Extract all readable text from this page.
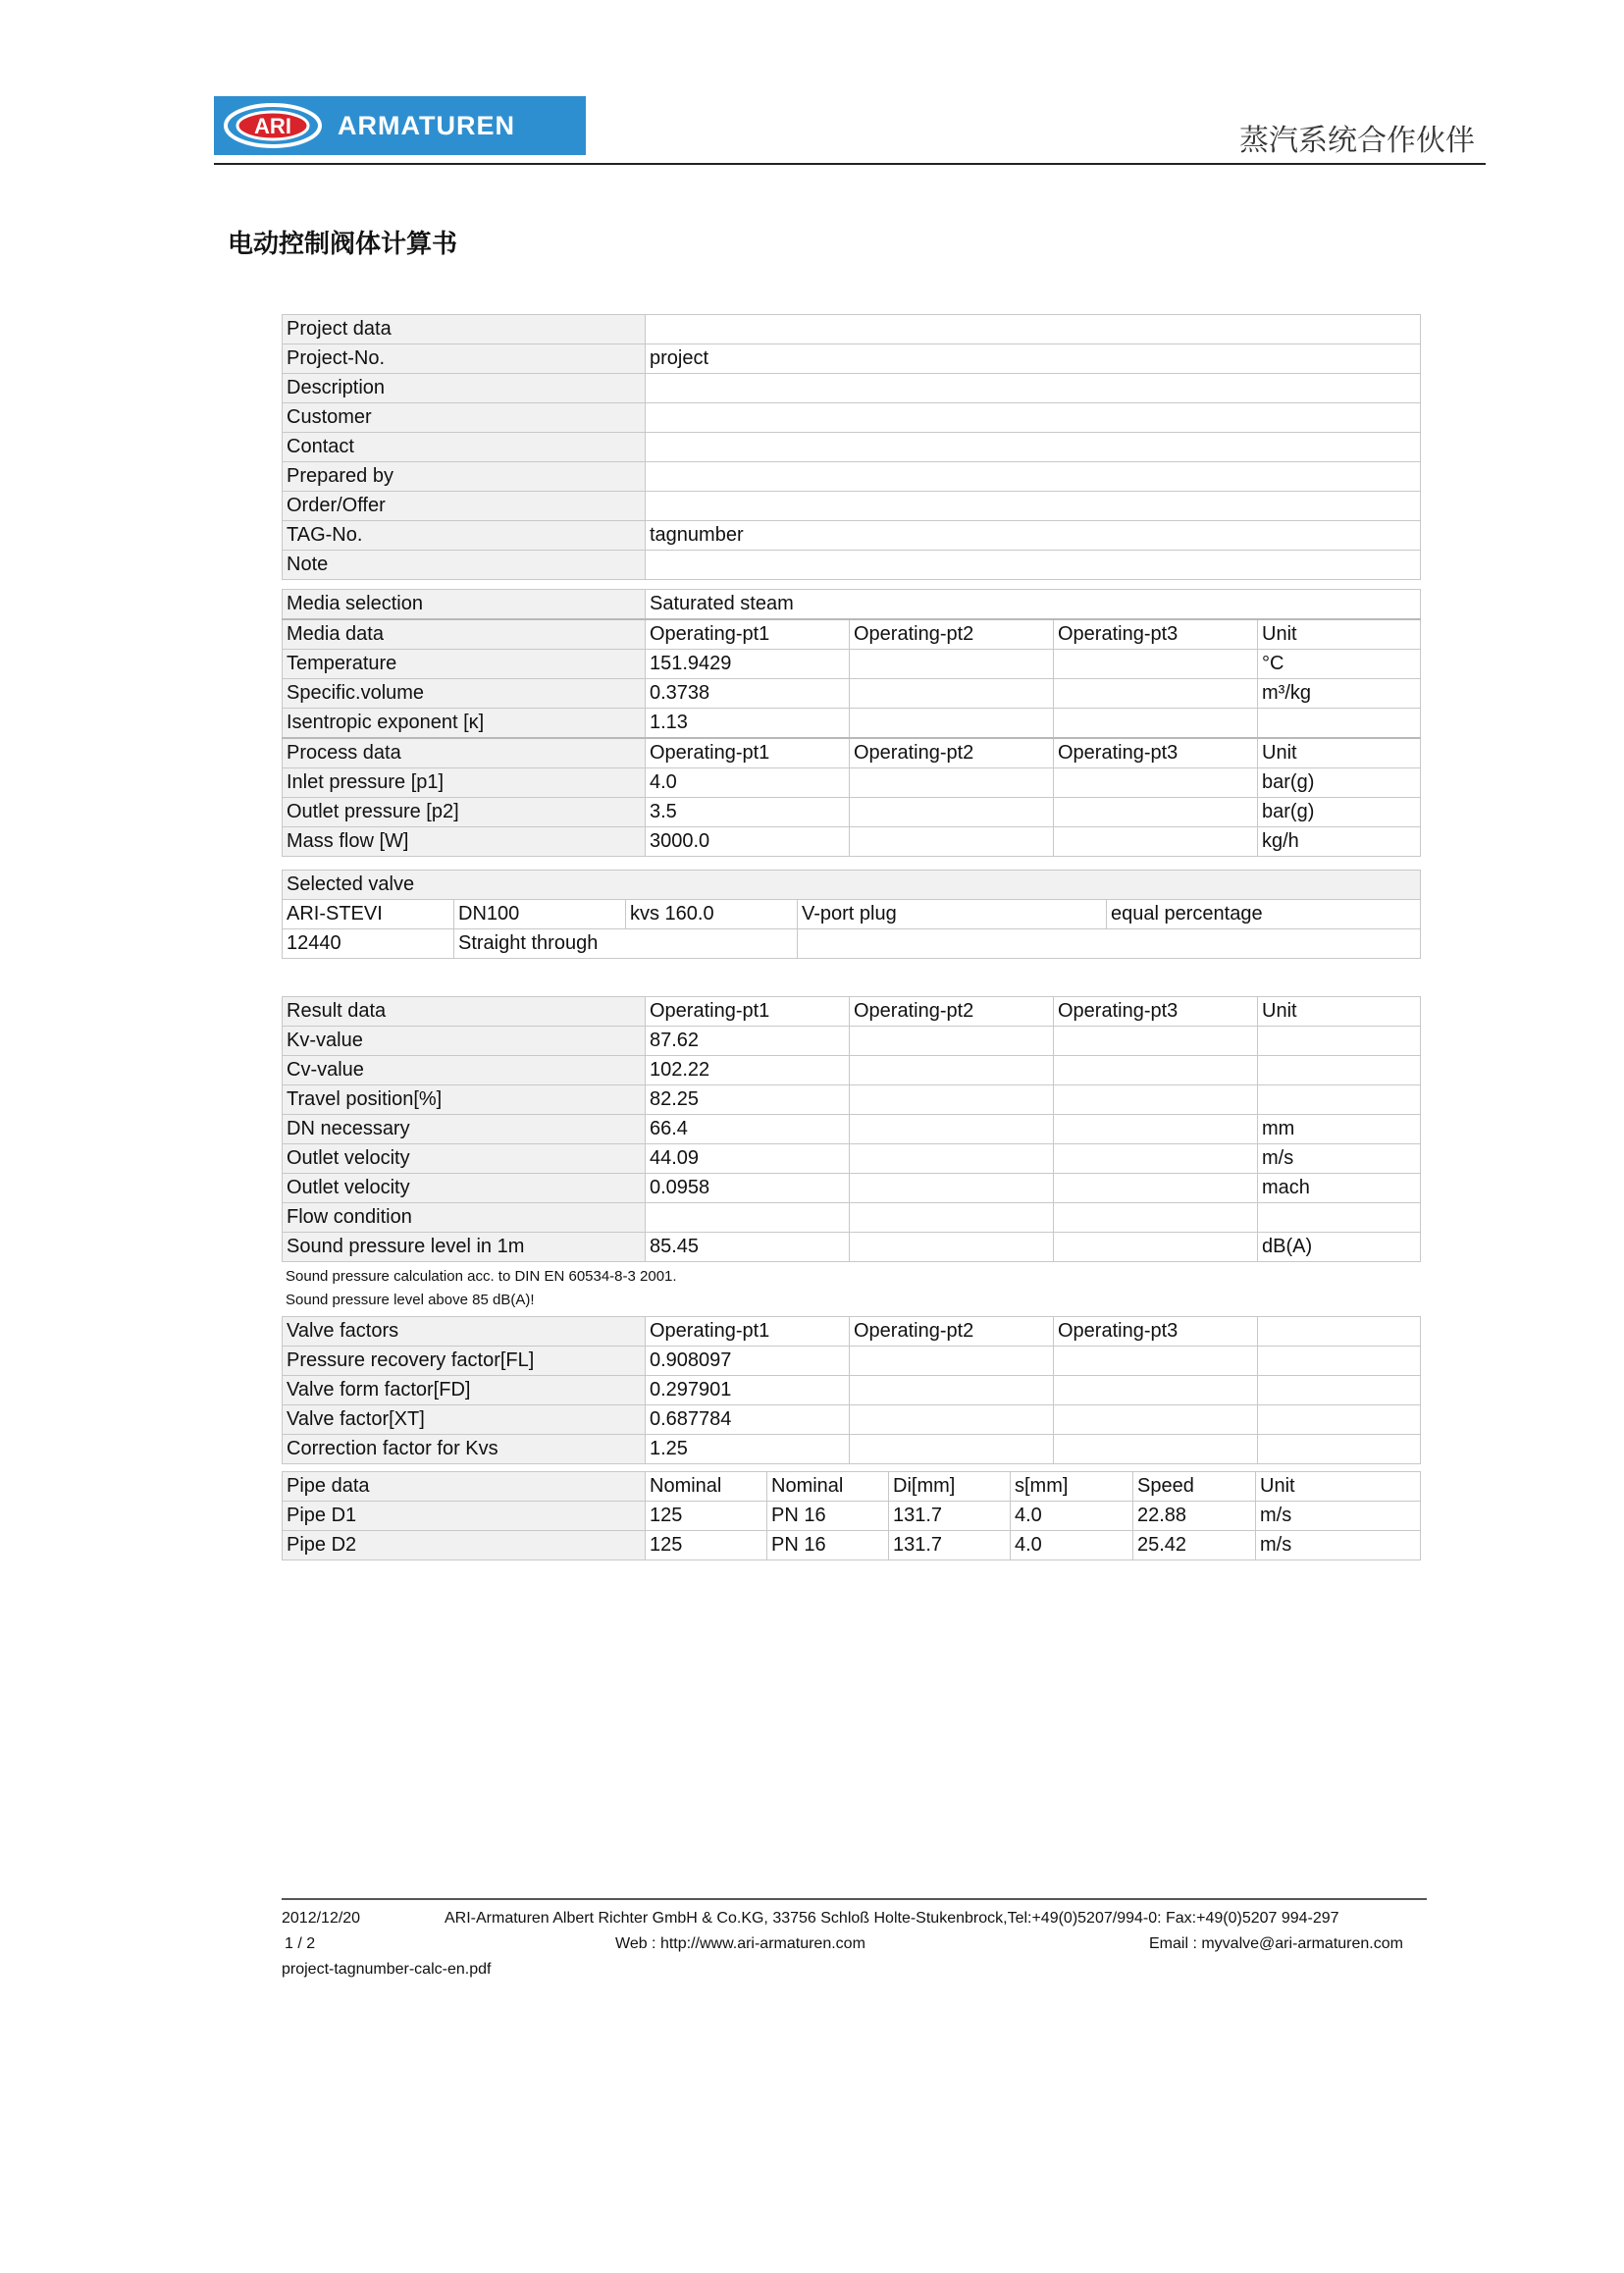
ARI ARMATUREN	蒸汽系统合作伙伴
电动控制阀体计算书
Project data	
Project-No.	project
Description	
Customer	
Contact	
Prepared by	
Order/Offer	
TAG-No.	tagnumber
Note	
Media selection	Saturated steam			
Media data	Operating-pt1	Operating-pt2	Operating-pt3	Unit
Temperature	151.9429			°C
Specific.volume	0.3738			m³/kg
Isentropic exponent [κ]	1.13			
Process data	Operating-pt1	Operating-pt2	Operating-pt3	Unit
Inlet pressure [p1]	4.0			bar(g)
Outlet pressure [p2]	3.5			bar(g)
Mass flow [W]	3000.0			kg/h
Selected valve				
ARI-STEVI	DN100	kvs 160.0	V-port plug	equal percentage
12440	Straight through			
Result data	Operating-pt1	Operating-pt2	Operating-pt3	Unit
Kv-value	87.62			
Cv-value	102.22			
Travel position[%]	82.25			
DN necessary	66.4			mm
Outlet velocity	44.09			m/s
Outlet velocity	0.0958			mach
Flow condition				
Sound pressure level in 1m	85.45			dB(A)
Sound pressure calculation acc. to DIN EN 60534-8-3 2001.
Sound pressure level above 85 dB(A)!
Valve factors	Operating-pt1	Operating-pt2	Operating-pt3	
Pressure recovery factor[FL]	0.908097			
Valve form factor[FD]	0.297901			
Valve factor[XT]	0.687784			
Correction factor for Kvs	1.25			
Pipe data	Nominal	Nominal	Di[mm]	s[mm]	Speed	Unit
Pipe D1	125	PN 16	131.7	4.0	22.88	m/s
Pipe D2	125	PN 16	131.7	4.0	25.42	m/s
2012/12/20	ARI-Armaturen Albert Richter GmbH & Co.KG, 33756 Schloß Holte-Stukenbrock,Tel:+49(0)5207/994-0: Fax:+49(0)5207 994-297
1 / 2	Web : http://www.ari-armaturen.com	Email : myvalve@ari-armaturen.com
project-tagnumber-calc-en.pdf
